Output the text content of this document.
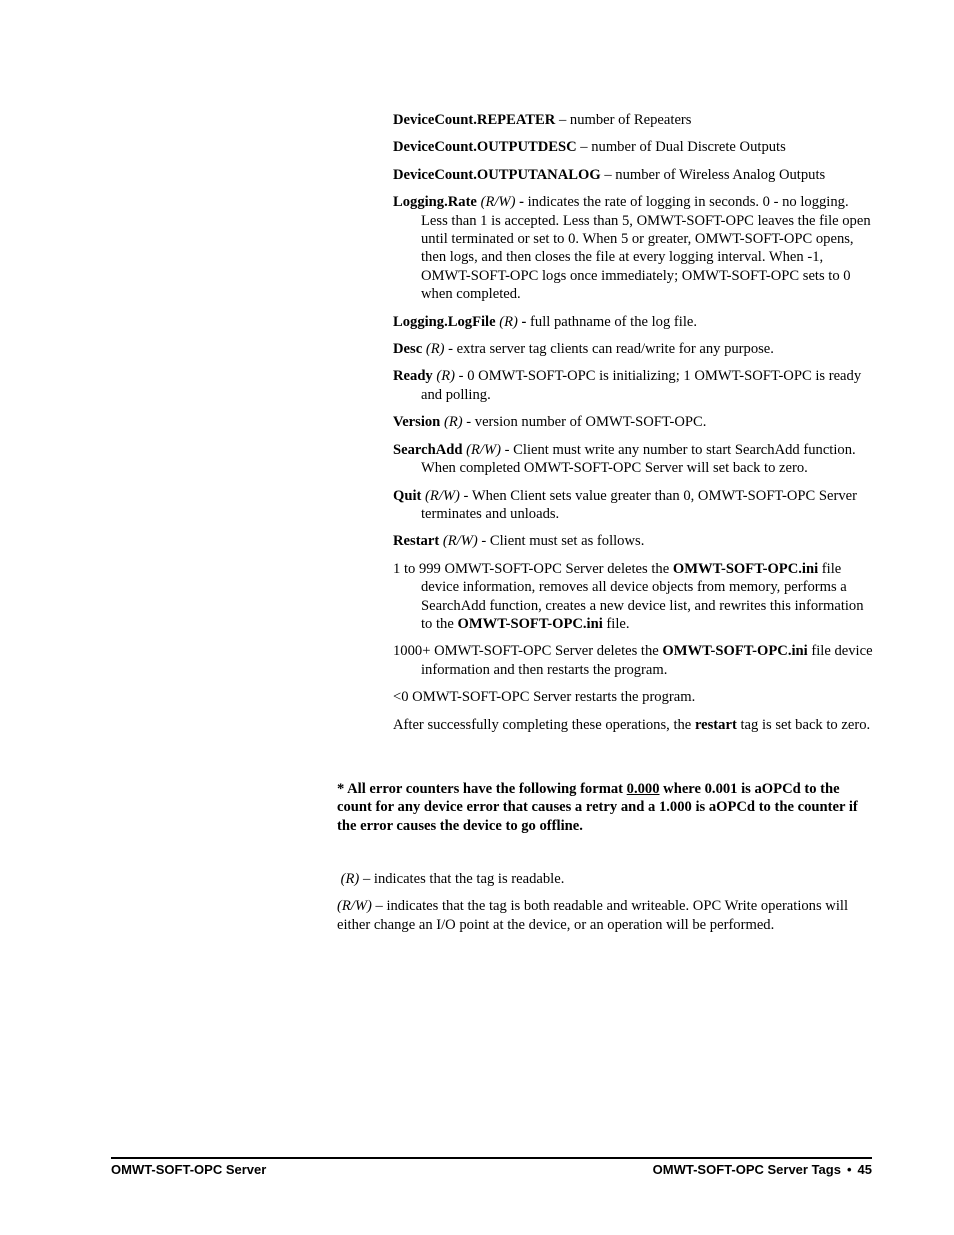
DeviceCount.REPEATER – number of Repeaters

DeviceCount.OUTPUTDESC – number of Dual Discrete Outputs

DeviceCount.OUTPUTANALOG – number of Wireless Analog Outputs

Logging.Rate (R/W) - indicates the rate of logging in seconds. 0 - no logging. Less than 1 is accepted. Less than 5, OMWT-SOFT-OPC leaves the file open until terminated or set to 0. When 5 or greater, OMWT-SOFT-OPC opens, then logs, and then closes the file at every logging interval. When -1, OMWT-SOFT-OPC logs once immediately; OMWT-SOFT-OPC sets to 0 when completed.

Logging.LogFile (R) - full pathname of the log file.

Desc (R) - extra server tag clients can read/write for any purpose.

Ready (R) - 0 OMWT-SOFT-OPC is initializing; 1 OMWT-SOFT-OPC is ready and polling.

Version (R) - version number of OMWT-SOFT-OPC.

SearchAdd (R/W) - Client must write any number to start SearchAdd function. When completed OMWT-SOFT-OPC Server will set back to zero.

Quit (R/W) - When Client sets value greater than 0, OMWT-SOFT-OPC Server terminates and unloads.

Restart (R/W) - Client must set as follows.

1 to 999 OMWT-SOFT-OPC Server deletes the OMWT-SOFT-OPC.ini file device information, removes all device objects from memory, performs a SearchAdd function, creates a new device list, and rewrites this information to the OMWT-SOFT-OPC.ini file.

1000+ OMWT-SOFT-OPC Server deletes the OMWT-SOFT-OPC.ini file device information and then restarts the program.

<0 OMWT-SOFT-OPC Server restarts the program.

After successfully completing these operations, the restart tag is set back to zero.

* All error counters have the following format 0.000 where 0.001 is aOPCd to the count for any device error that causes a retry and a 1.000 is aOPCd to the counter if the error causes the device to go offline.

(R) – indicates that the tag is readable.

(R/W) – indicates that the tag is both readable and writeable. OPC Write operations will either change an I/O point at the device, or an operation will be performed.

OMWT-SOFT-OPC Server	OMWT-SOFT-OPC Server Tags • 45
